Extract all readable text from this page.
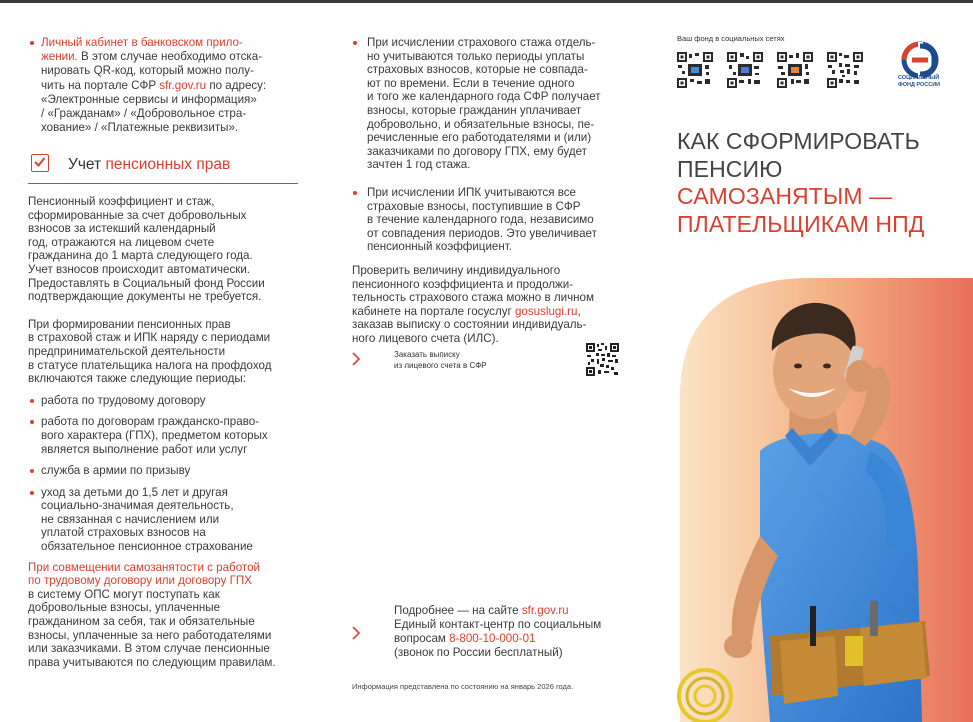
Личный кабинет в банковском прило-
жении. В этом случае необходимо отска-
нировать QR-код, который можно полу-
чить на портале СФР sfr.gov.ru по адресу:
«Электронные сервисы и информация»
/ «Гражданам» / «Добровольное стра-
хование» / «Платежные реквизиты».
Учет пенсионных прав
Пенсионный коэффициент и стаж,
сформированные за счет добровольных
взносов за истекший календарный
год, отражаются на лицевом счете
гражданина до 1 марта следующего года.
Учет взносов происходит автоматически.
Предоставлять в Социальный фонд России
подтверждающие документы не требуется.
При формировании пенсионных прав
в страховой стаж и ИПК наряду с периодами
предпринимательской деятельности
в статусе плательщика налога на профдоход
включаются также следующие периоды:
работа по трудовому договору
работа по договорам гражданско-право-
вого характера (ГПХ), предметом которых
является выполнение работ или услуг
служба в армии по призыву
уход за детьми до 1,5 лет и другая
социально-значимая деятельность,
не связанная с начислением или
уплатой страховых взносов на
обязательное пенсионное страхование
При совмещении самозанятости с работой
по трудовому договору или договору ГПХ
в систему ОПС могут поступать как
добровольные взносы, уплаченные
гражданином за себя, так и обязательные
взносы, уплаченные за него работодателями
или заказчиками. В этом случае пенсионные
права учитываются по следующим правилам.
При исчислении страхового стажа отдель-
но учитываются только периоды уплаты
страховых взносов, которые не совпада-
ют по времени. Если в течение одного
и того же календарного года СФР получает
взносы, которые гражданин уплачивает
добровольно, и обязательные взносы, пе-
речисленные его работодателями и (или)
заказчиками по договору ГПХ, ему будет
зачтен 1 год стажа.
При исчислении ИПК учитываются все
страховые взносы, поступившие в СФР
в течение календарного года, независимо
от совпадения периодов. Это увеличивает
пенсионный коэффициент.
Проверить величину индивидуального
пенсионного коэффициента и продолжи-
тельность страхового стажа можно в личном
кабинете на портале госуслуг gosuslugi.ru,
заказав выписку о состоянии индивидуаль-
ного лицевого счета (ИЛС).
Заказать выписку
из лицевого счета в СФР
Подробнее — на сайте sfr.gov.ru
Единый контакт-центр по социальным
вопросам 8-800-10-000-01
(звонок по России бесплатный)
Информация представлена по состоянию на январь 2026 года.
Ваш фонд в социальных сетях
СОЦИАЛЬНЫЙ
ФОНД РОССИИ
КАК СФОРМИРОВАТЬ
ПЕНСИЮ
САМОЗАНЯТЫМ —
ПЛАТЕЛЬЩИКАМ НПД
